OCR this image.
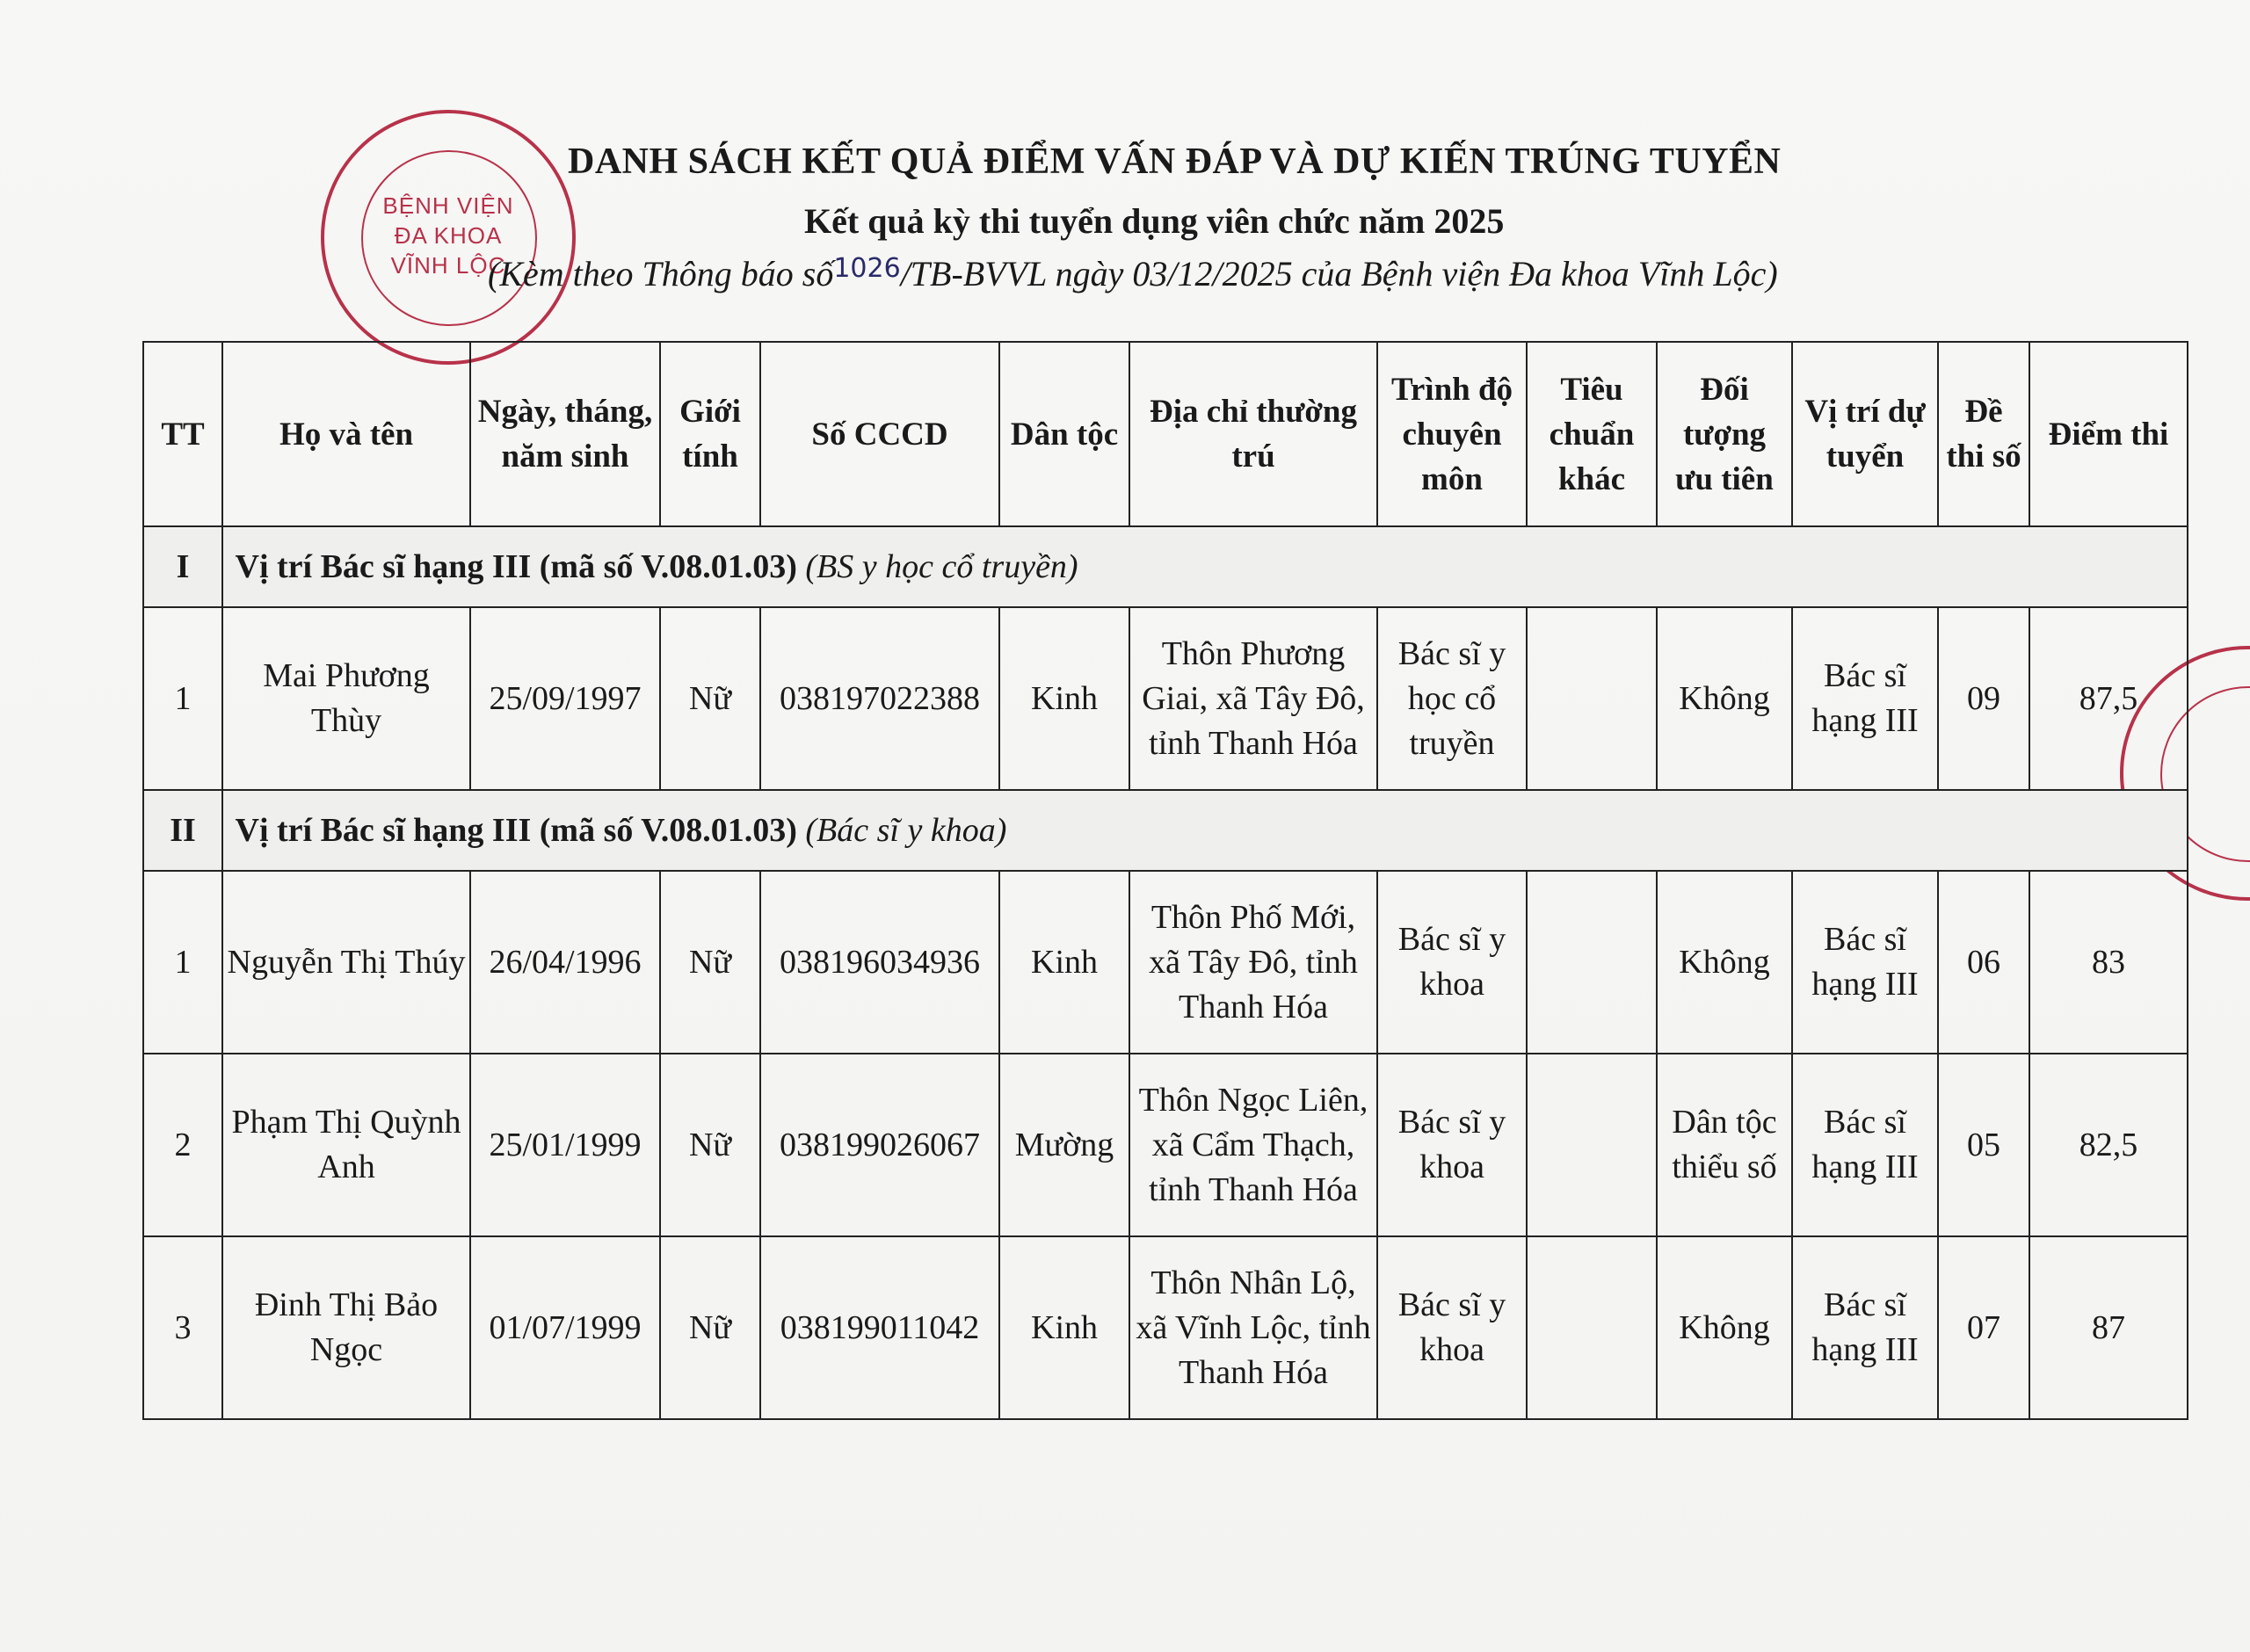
BỆNH VIỆN
ĐA KHOA
VĨNH LỘC
DANH SÁCH KẾT QUẢ ĐIỂM VẤN ĐÁP VÀ DỰ KIẾN TRÚNG TUYỂN
Kết quả kỳ thi tuyển dụng viên chức năm 2025
(Kèm theo Thông báo số$^{1026}$/TB-BVVL ngày 03/12/2025 của Bệnh viện Đa khoa Vĩnh Lộc)
TT	Họ và tên	Ngày, tháng, năm sinh	Giới tính	Số CCCD	Dân tộc	Địa chỉ thường trú	Trình độ chuyên môn	Tiêu chuẩn khác	Đối tượng ưu tiên	Vị trí dự tuyển	Đề thi số	Điểm thi
I	Vị trí Bác sĩ hạng III (mã số V.08.01.03) (BS y học cổ truyền)											
1	Mai Phương Thùy	25/09/1997	Nữ	038197022388	Kinh	Thôn Phương Giai, xã Tây Đô, tỉnh Thanh Hóa	Bác sĩ y học cổ truyền		Không	Bác sĩ hạng III	09	87,5
II	Vị trí Bác sĩ hạng III (mã số V.08.01.03) (Bác sĩ y khoa)											
1	Nguyễn Thị Thúy	26/04/1996	Nữ	038196034936	Kinh	Thôn Phố Mới, xã Tây Đô, tỉnh Thanh Hóa	Bác sĩ y khoa		Không	Bác sĩ hạng III	06	83
2	Phạm Thị Quỳnh Anh	25/01/1999	Nữ	038199026067	Mường	Thôn Ngọc Liên, xã Cẩm Thạch, tỉnh Thanh Hóa	Bác sĩ y khoa		Dân tộc thiểu số	Bác sĩ hạng III	05	82,5
3	Đinh Thị Bảo Ngọc	01/07/1999	Nữ	038199011042	Kinh	Thôn Nhân Lộ, xã Vĩnh Lộc, tỉnh Thanh Hóa	Bác sĩ y khoa		Không	Bác sĩ hạng III	07	87
